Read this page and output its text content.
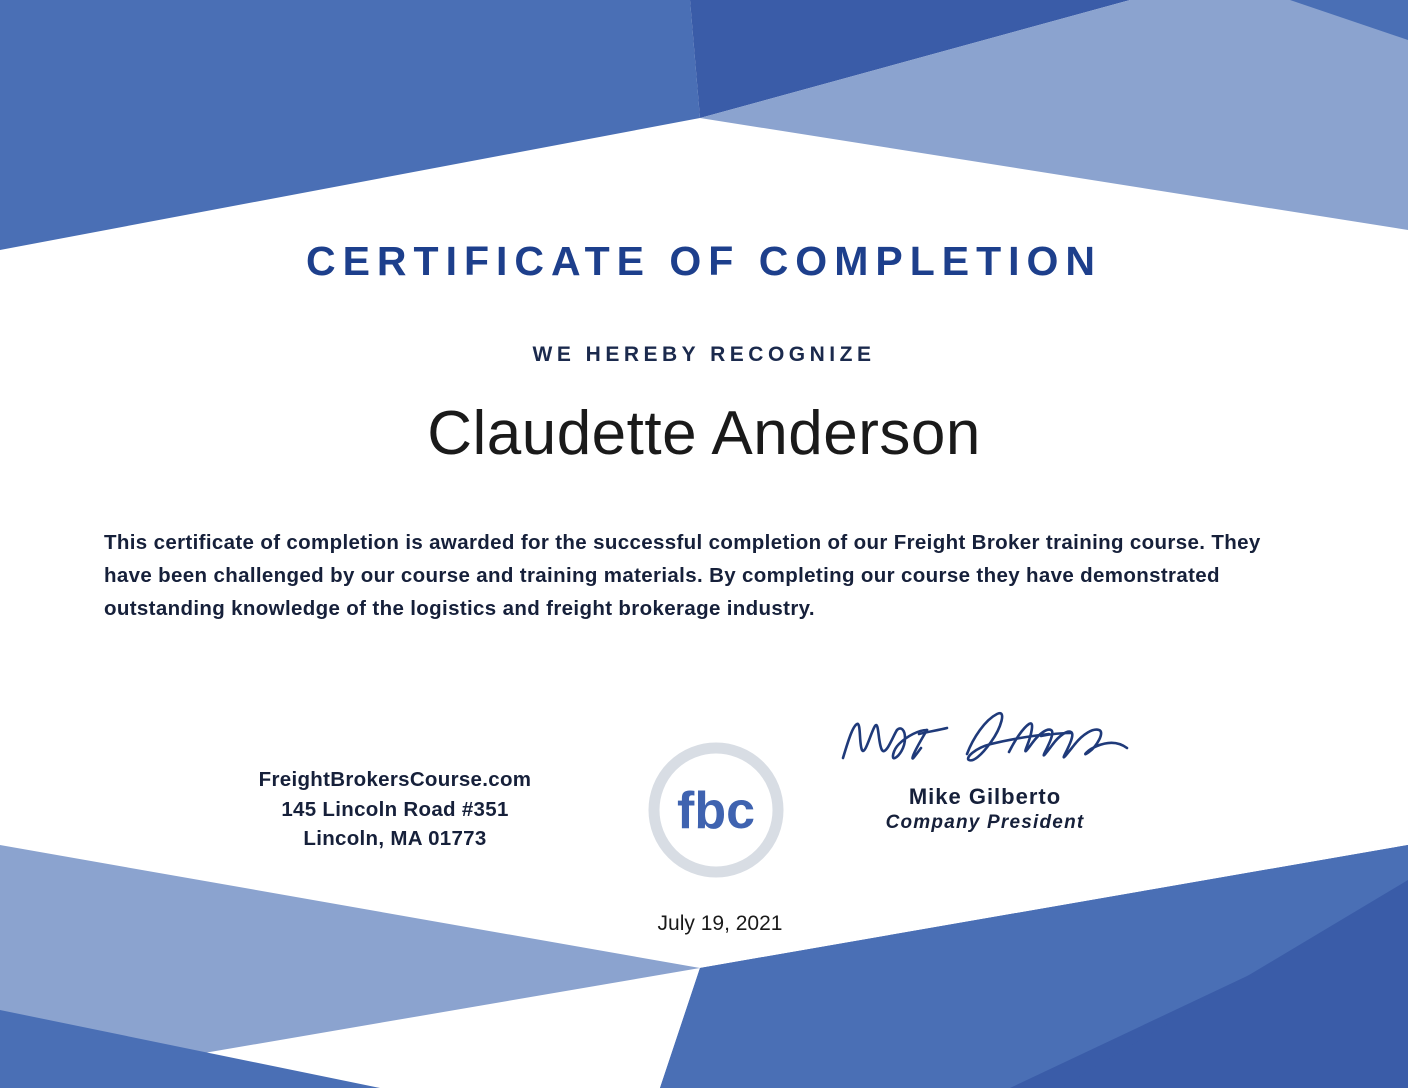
CERTIFICATE OF COMPLETION
WE HEREBY RECOGNIZE
Claudette Anderson
This certificate of completion is awarded for the successful completion of our Freight Broker training course. They have been challenged by our course and training materials. By completing our course they have demonstrated outstanding knowledge of the logistics and freight brokerage industry.
FreightBrokersCourse.com
145 Lincoln Road #351
Lincoln, MA 01773	fbc	Mike Gilberto
Company President
July 19, 2021
